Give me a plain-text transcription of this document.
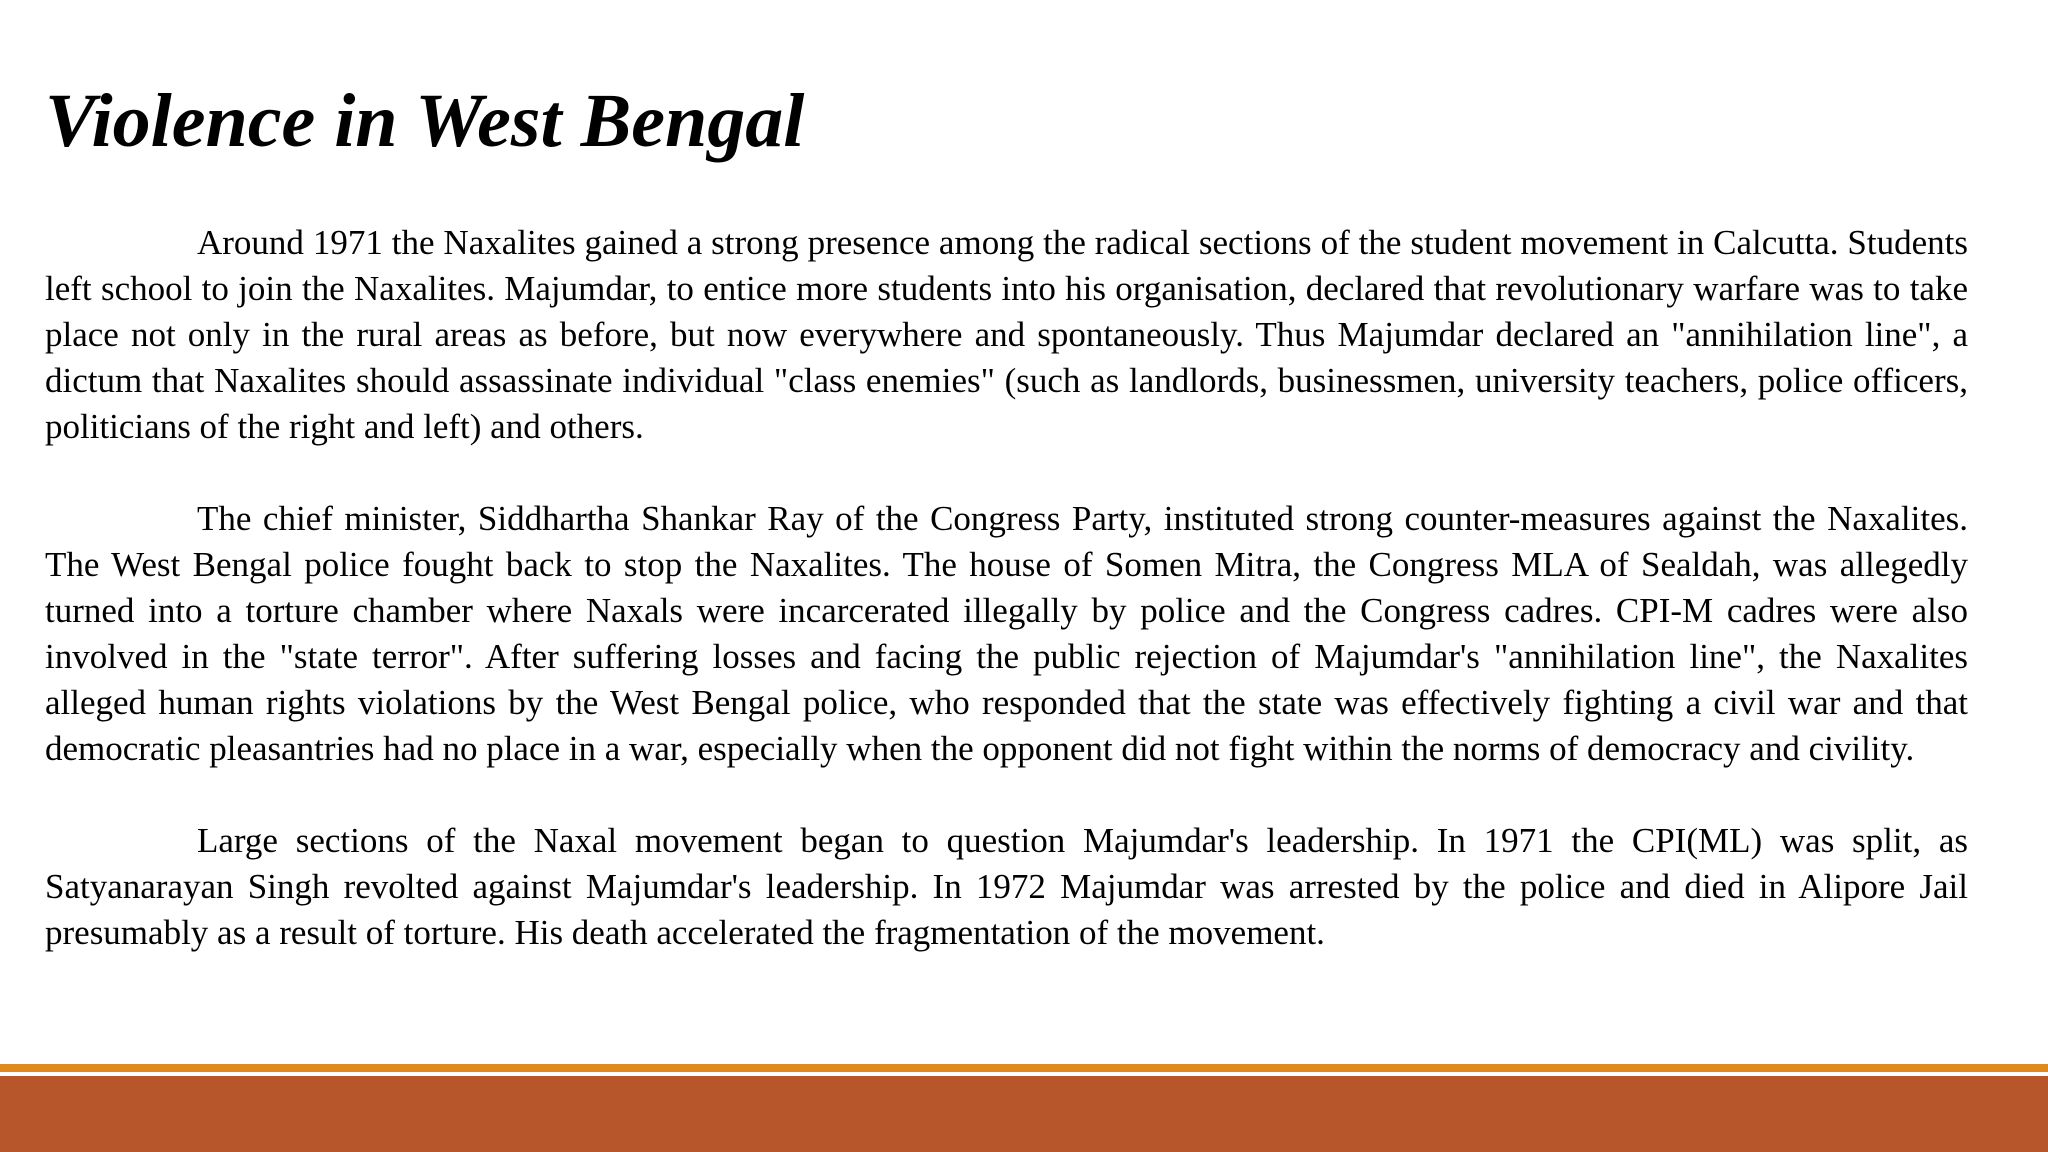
Violence in West Bengal

Around 1971 the Naxalites gained a strong presence among the radical sections of the student movement in Calcutta. Students left school to join the Naxalites. Majumdar, to entice more students into his organisation, declared that revolutionary warfare was to take place not only in the rural areas as before, but now everywhere and spontaneously. Thus Majumdar declared an "annihilation line", a dictum that Naxalites should assassinate individual "class enemies" (such as landlords, businessmen, university teachers, police officers, politicians of the right and left) and others.

The chief minister, Siddhartha Shankar Ray of the Congress Party, instituted strong counter-measures against the Naxalites. The West Bengal police fought back to stop the Naxalites. The house of Somen Mitra, the Congress MLA of Sealdah, was allegedly turned into a torture chamber where Naxals were incarcerated illegally by police and the Congress cadres. CPI-M cadres were also involved in the "state terror". After suffering losses and facing the public rejection of Majumdar's "annihilation line", the Naxalites alleged human rights violations by the West Bengal police, who responded that the state was effectively fighting a civil war and that democratic pleasantries had no place in a war, especially when the opponent did not fight within the norms of democracy and civility.

Large sections of the Naxal movement began to question Majumdar's leadership. In 1971 the CPI(ML) was split, as Satyanarayan Singh revolted against Majumdar's leadership. In 1972 Majumdar was arrested by the police and died in Alipore Jail presumably as a result of torture. His death accelerated the fragmentation of the movement.
